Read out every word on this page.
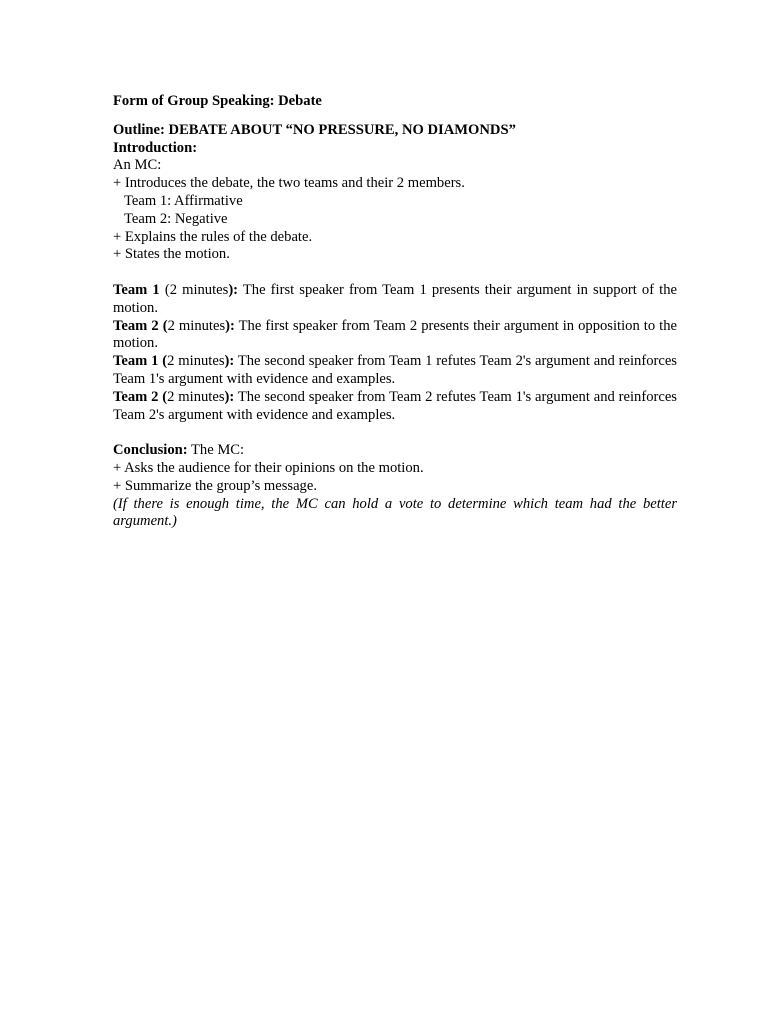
Form of Group Speaking: Debate

Outline: DEBATE ABOUT “NO PRESSURE, NO DIAMONDS”

Introduction:

An MC:

+ Introduces the debate, the two teams and their 2 members.

Team 1: Affirmative

Team 2: Negative

+ Explains the rules of the debate.

+ States the motion.

Team 1 (2 minutes): The first speaker from Team 1 presents their argument in support of the motion.

Team 2 (2 minutes): The first speaker from Team 2 presents their argument in opposition to the motion.

Team 1 (2 minutes): The second speaker from Team 1 refutes Team 2's argument and reinforces Team 1's argument with evidence and examples.

Team 2 (2 minutes): The second speaker from Team 2 refutes Team 1's argument and reinforces Team 2's argument with evidence and examples.

Conclusion: The MC:

+ Asks the audience for their opinions on the motion.

+ Summarize the group’s message.

(If there is enough time, the MC can hold a vote to determine which team had the better argument.)
